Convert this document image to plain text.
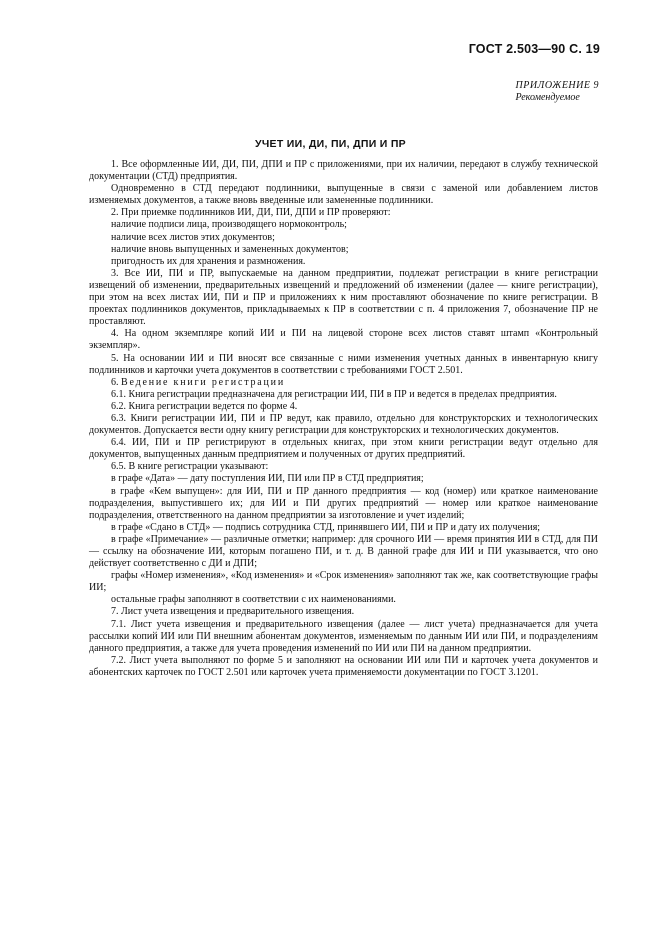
ГОСТ 2.503—90 С. 19
ПРИЛОЖЕНИЕ 9
Рекомендуемое
УЧЕТ ИИ, ДИ, ПИ, ДПИ И ПР

1. Все оформленные ИИ, ДИ, ПИ, ДПИ и ПР с приложениями, при их наличии, передают в службу технической документации (СТД) предприятия.

Одновременно в СТД передают подлинники, выпущенные в связи с заменой или добавлением листов изменяемых документов, а также вновь введенные или замененные подлинники.

2. При приемке подлинников ИИ, ДИ, ПИ, ДПИ и ПР проверяют:

наличие подписи лица, производящего нормоконтроль;

наличие всех листов этих документов;

наличие вновь выпущенных и замененных документов;

пригодность их для хранения и размножения.

3. Все ИИ, ПИ и ПР, выпускаемые на данном предприятии, подлежат регистрации в книге регистрации извещений об изменении, предварительных извещений и предложений об изменении (далее — книге регистрации), при этом на всех листах ИИ, ПИ и ПР и приложениях к ним проставляют обозначение по книге регистрации. В проектах подлинников документов, прикладываемых к ПР в соответствии с п. 4 приложения 7, обозначение ПР не проставляют.

4. На одном экземпляре копий ИИ и ПИ на лицевой стороне всех листов ставят штамп «Контрольный экземпляр».

5. На основании ИИ и ПИ вносят все связанные с ними изменения учетных данных в инвентарную книгу подлинников и карточки учета документов в соответствии с требованиями ГОСТ 2.501.

6. Ведение книги регистрации

6.1. Книга регистрации предназначена для регистрации ИИ, ПИ в ПР и ведется в пределах предприятия.

6.2. Книга регистрации ведется по форме 4.

6.3. Книги регистрации ИИ, ПИ и ПР ведут, как правило, отдельно для конструкторских и технологических документов. Допускается вести одну книгу регистрации для конструкторских и технологических документов.

6.4. ИИ, ПИ и ПР регистрируют в отдельных книгах, при этом книги регистрации ведут отдельно для документов, выпущенных данным предприятием и полученных от других предприятий.

6.5. В книге регистрации указывают:

в графе «Дата» — дату поступления ИИ, ПИ или ПР в СТД предприятия;

в графе «Кем выпущен»: для ИИ, ПИ и ПР данного предприятия — код (номер) или краткое наименование подразделения, выпустившего их; для ИИ и ПИ других предприятий — номер или краткое наименование подразделения, ответственного на данном предприятии за изготовление и учет изделий;

в графе «Сдано в СТД» — подпись сотрудника СТД, принявшего ИИ, ПИ и ПР и дату их получения;

в графе «Примечание» — различные отметки; например: для срочного ИИ — время принятия ИИ в СТД, для ПИ — ссылку на обозначение ИИ, которым погашено ПИ, и т. д. В данной графе для ИИ и ПИ указывается, что оно действует соответственно с ДИ и ДПИ;

графы «Номер изменения», «Код изменения» и «Срок изменения» заполняют так же, как соответствующие графы ИИ;

остальные графы заполняют в соответствии с их наименованиями.

7. Лист учета извещения и предварительного извещения.

7.1. Лист учета извещения и предварительного извещения (далее — лист учета) предназначается для учета рассылки копий ИИ или ПИ внешним абонентам документов, изменяемым по данным ИИ или ПИ, и подразделениям данного предприятия, а также для учета проведения изменений по ИИ или ПИ на данном предприятии.

7.2. Лист учета выполняют по форме 5 и заполняют на основании ИИ или ПИ и карточек учета документов и абонентских карточек по ГОСТ 2.501 или карточек учета применяемости документации по ГОСТ 3.1201.
